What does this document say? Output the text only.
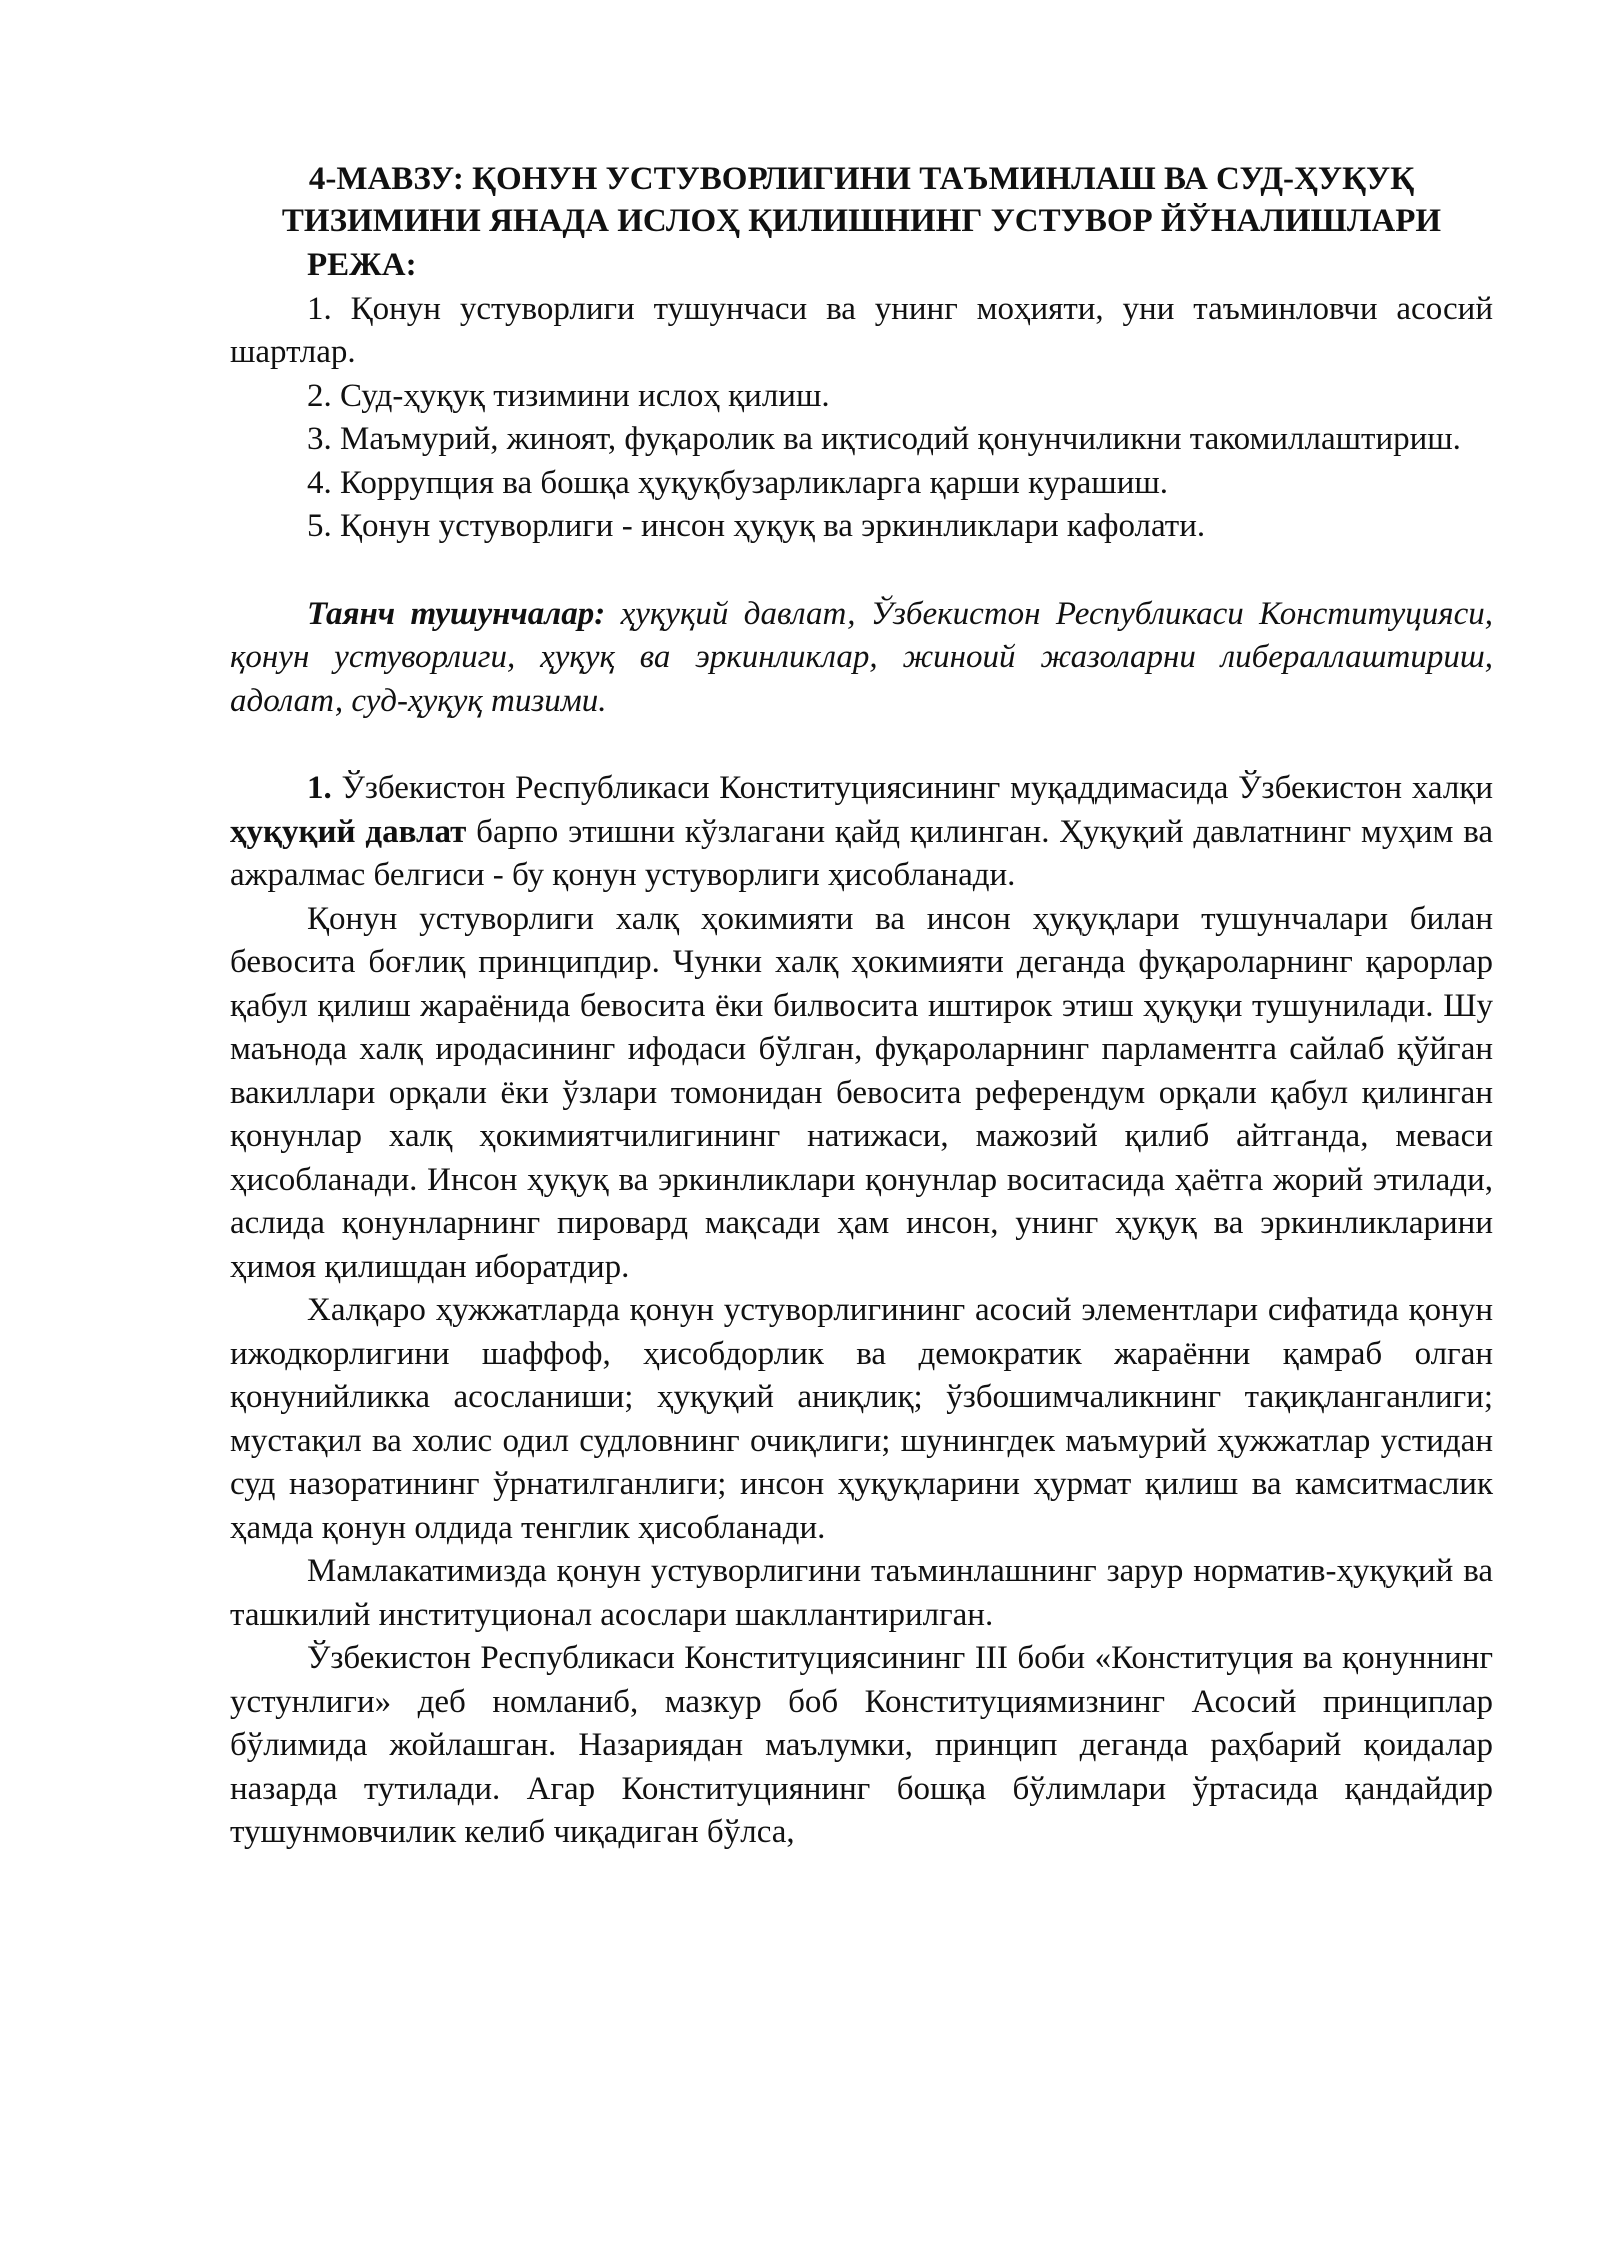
4-МАВЗУ: ҚОНУН УСТУВОРЛИГИНИ ТАЪМИНЛАШ ВА СУД-ҲУҚУҚ ТИЗИМИНИ ЯНАДА ИСЛОҲ ҚИЛИШНИНГ УСТУВОР ЙЎНАЛИШЛАРИ
РЕЖА:
1. Қонун устуворлиги тушунчаси ва унинг моҳияти, уни таъминловчи асосий шартлар.
2. Суд-ҳуқуқ тизимини ислоҳ қилиш.
3. Маъмурий, жиноят, фуқаролик ва иқтисодий қонунчиликни такомиллаштириш.
4. Коррупция ва бошқа ҳуқуқбузарликларга қарши курашиш.
5. Қонун устуворлиги - инсон ҳуқуқ ва эркинликлари кафолати.

Таянч тушунчалар: ҳуқуқий давлат, Ўзбекистон Республикаси Конституцияси, қонун устуворлиги, ҳуқуқ ва эркинликлар, жиноий жазоларни либераллаштириш, адолат, суд-ҳуқуқ тизими.

1. Ўзбекистон Республикаси Конституциясининг муқаддимасида Ўзбекистон халқи ҳуқуқий давлат барпо этишни кўзлагани қайд қилинган. Ҳуқуқий давлатнинг муҳим ва ажралмас белгиси - бу қонун устуворлиги ҳисобланади.

Қонун устуворлиги халқ ҳокимияти ва инсон ҳуқуқлари тушунчалари билан бевосита боғлиқ принципдир. Чунки халқ ҳокимияти деганда фуқароларнинг қарорлар қабул қилиш жараёнида бевосита ёки билвосита иштирок этиш ҳуқуқи тушунилади. Шу маънода халқ иродасининг ифодаси бўлган, фуқароларнинг парламентга сайлаб қўйган вакиллари орқали ёки ўзлари томонидан бевосита референдум орқали қабул қилинган қонунлар халқ ҳокимиятчилигининг натижаси, мажозий қилиб айтганда, меваси ҳисобланади. Инсон ҳуқуқ ва эркинликлари қонунлар воситасида ҳаётга жорий этилади, аслида қонунларнинг пировард мақсади ҳам инсон, унинг ҳуқуқ ва эркинликларини ҳимоя қилишдан иборатдир.

Халқаро ҳужжатларда қонун устуворлигининг асосий элементлари сифатида қонун ижодкорлигини шаффоф, ҳисобдорлик ва демократик жараённи қамраб олган қонунийликка асосланиши; ҳуқуқий аниқлиқ; ўзбошимчаликнинг тақиқланганлиги; мустақил ва холис одил судловнинг очиқлиги; шунингдек маъмурий ҳужжатлар устидан суд назоратининг ўрнатилганлиги; инсон ҳуқуқларини ҳурмат қилиш ва камситмаслик ҳамда қонун олдида тенглик ҳисобланади.

Мамлакатимизда қонун устуворлигини таъминлашнинг зарур норматив-ҳуқуқий ва ташкилий институционал асослари шакллантирилган.

Ўзбекистон Республикаси Конституциясининг III боби «Конституция ва қонуннинг устунлиги» деб номланиб, мазкур боб Конституциямизнинг Асосий принциплар бўлимида жойлашган. Назариядан маълумки, принцип деганда раҳбарий қоидалар назарда тутилади. Агар Конституциянинг бошқа бўлимлари ўртасида қандайдир тушунмовчилик келиб чиқадиган бўлса,
